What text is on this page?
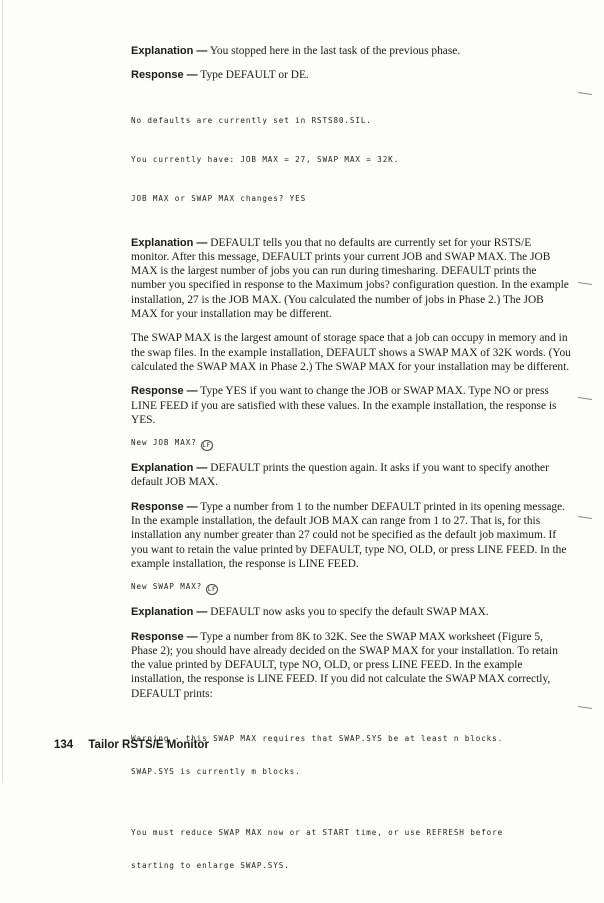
Explanation — You stopped here in the last task of the previous phase.

Response — Type DEFAULT or DE.

No defaults are currently set in RSTS80.SIL.

You currently have: JOB MAX = 27, SWAP MAX = 32K.

JOB MAX or SWAP MAX changes? YES

Explanation — DEFAULT tells you that no defaults are currently set for your RSTS/E monitor. After this message, DEFAULT prints your current JOB and SWAP MAX. The JOB MAX is the largest number of jobs you can run during timesharing. DEFAULT prints the number you specified in response to the Maximum jobs? configuration question. In the example installation, 27 is the JOB MAX. (You calculated the number of jobs in Phase 2.) The JOB MAX for your installation may be different.

The SWAP MAX is the largest amount of storage space that a job can occupy in memory and in the swap files. In the example installation, DEFAULT shows a SWAP MAX of 32K words. (You calculated the SWAP MAX in Phase 2.) The SWAP MAX for your installation may be different.

Response — Type YES if you want to change the JOB or SWAP MAX. Type NO or press LINE FEED if you are satisfied with these values. In the example installation, the response is YES.

New JOB MAX? LF

Explanation — DEFAULT prints the question again. It asks if you want to specify another default JOB MAX.

Response — Type a number from 1 to the number DEFAULT printed in its opening message. In the example installation, the default JOB MAX can range from 1 to 27. That is, for this installation any number greater than 27 could not be specified as the default job maximum. If you want to retain the value printed by DEFAULT, type NO, OLD, or press LINE FEED. In the example installation, the response is LINE FEED.

New SWAP MAX? LF

Explanation — DEFAULT now asks you to specify the default SWAP MAX.

Response — Type a number from 8K to 32K. See the SWAP MAX worksheet (Figure 5, Phase 2); you should have already decided on the SWAP MAX for your installation. To retain the value printed by DEFAULT, type NO, OLD, or press LINE FEED. In the example installation, the response is LINE FEED. If you did not calculate the SWAP MAX correctly, DEFAULT prints:

Warning - this SWAP MAX requires that SWAP.SYS be at least n blocks.

SWAP.SYS is currently m blocks.

You must reduce SWAP MAX now or at START time, or use REFRESH before

starting to enlarge SWAP.SYS.

134 Tailor RSTS/E Monitor
